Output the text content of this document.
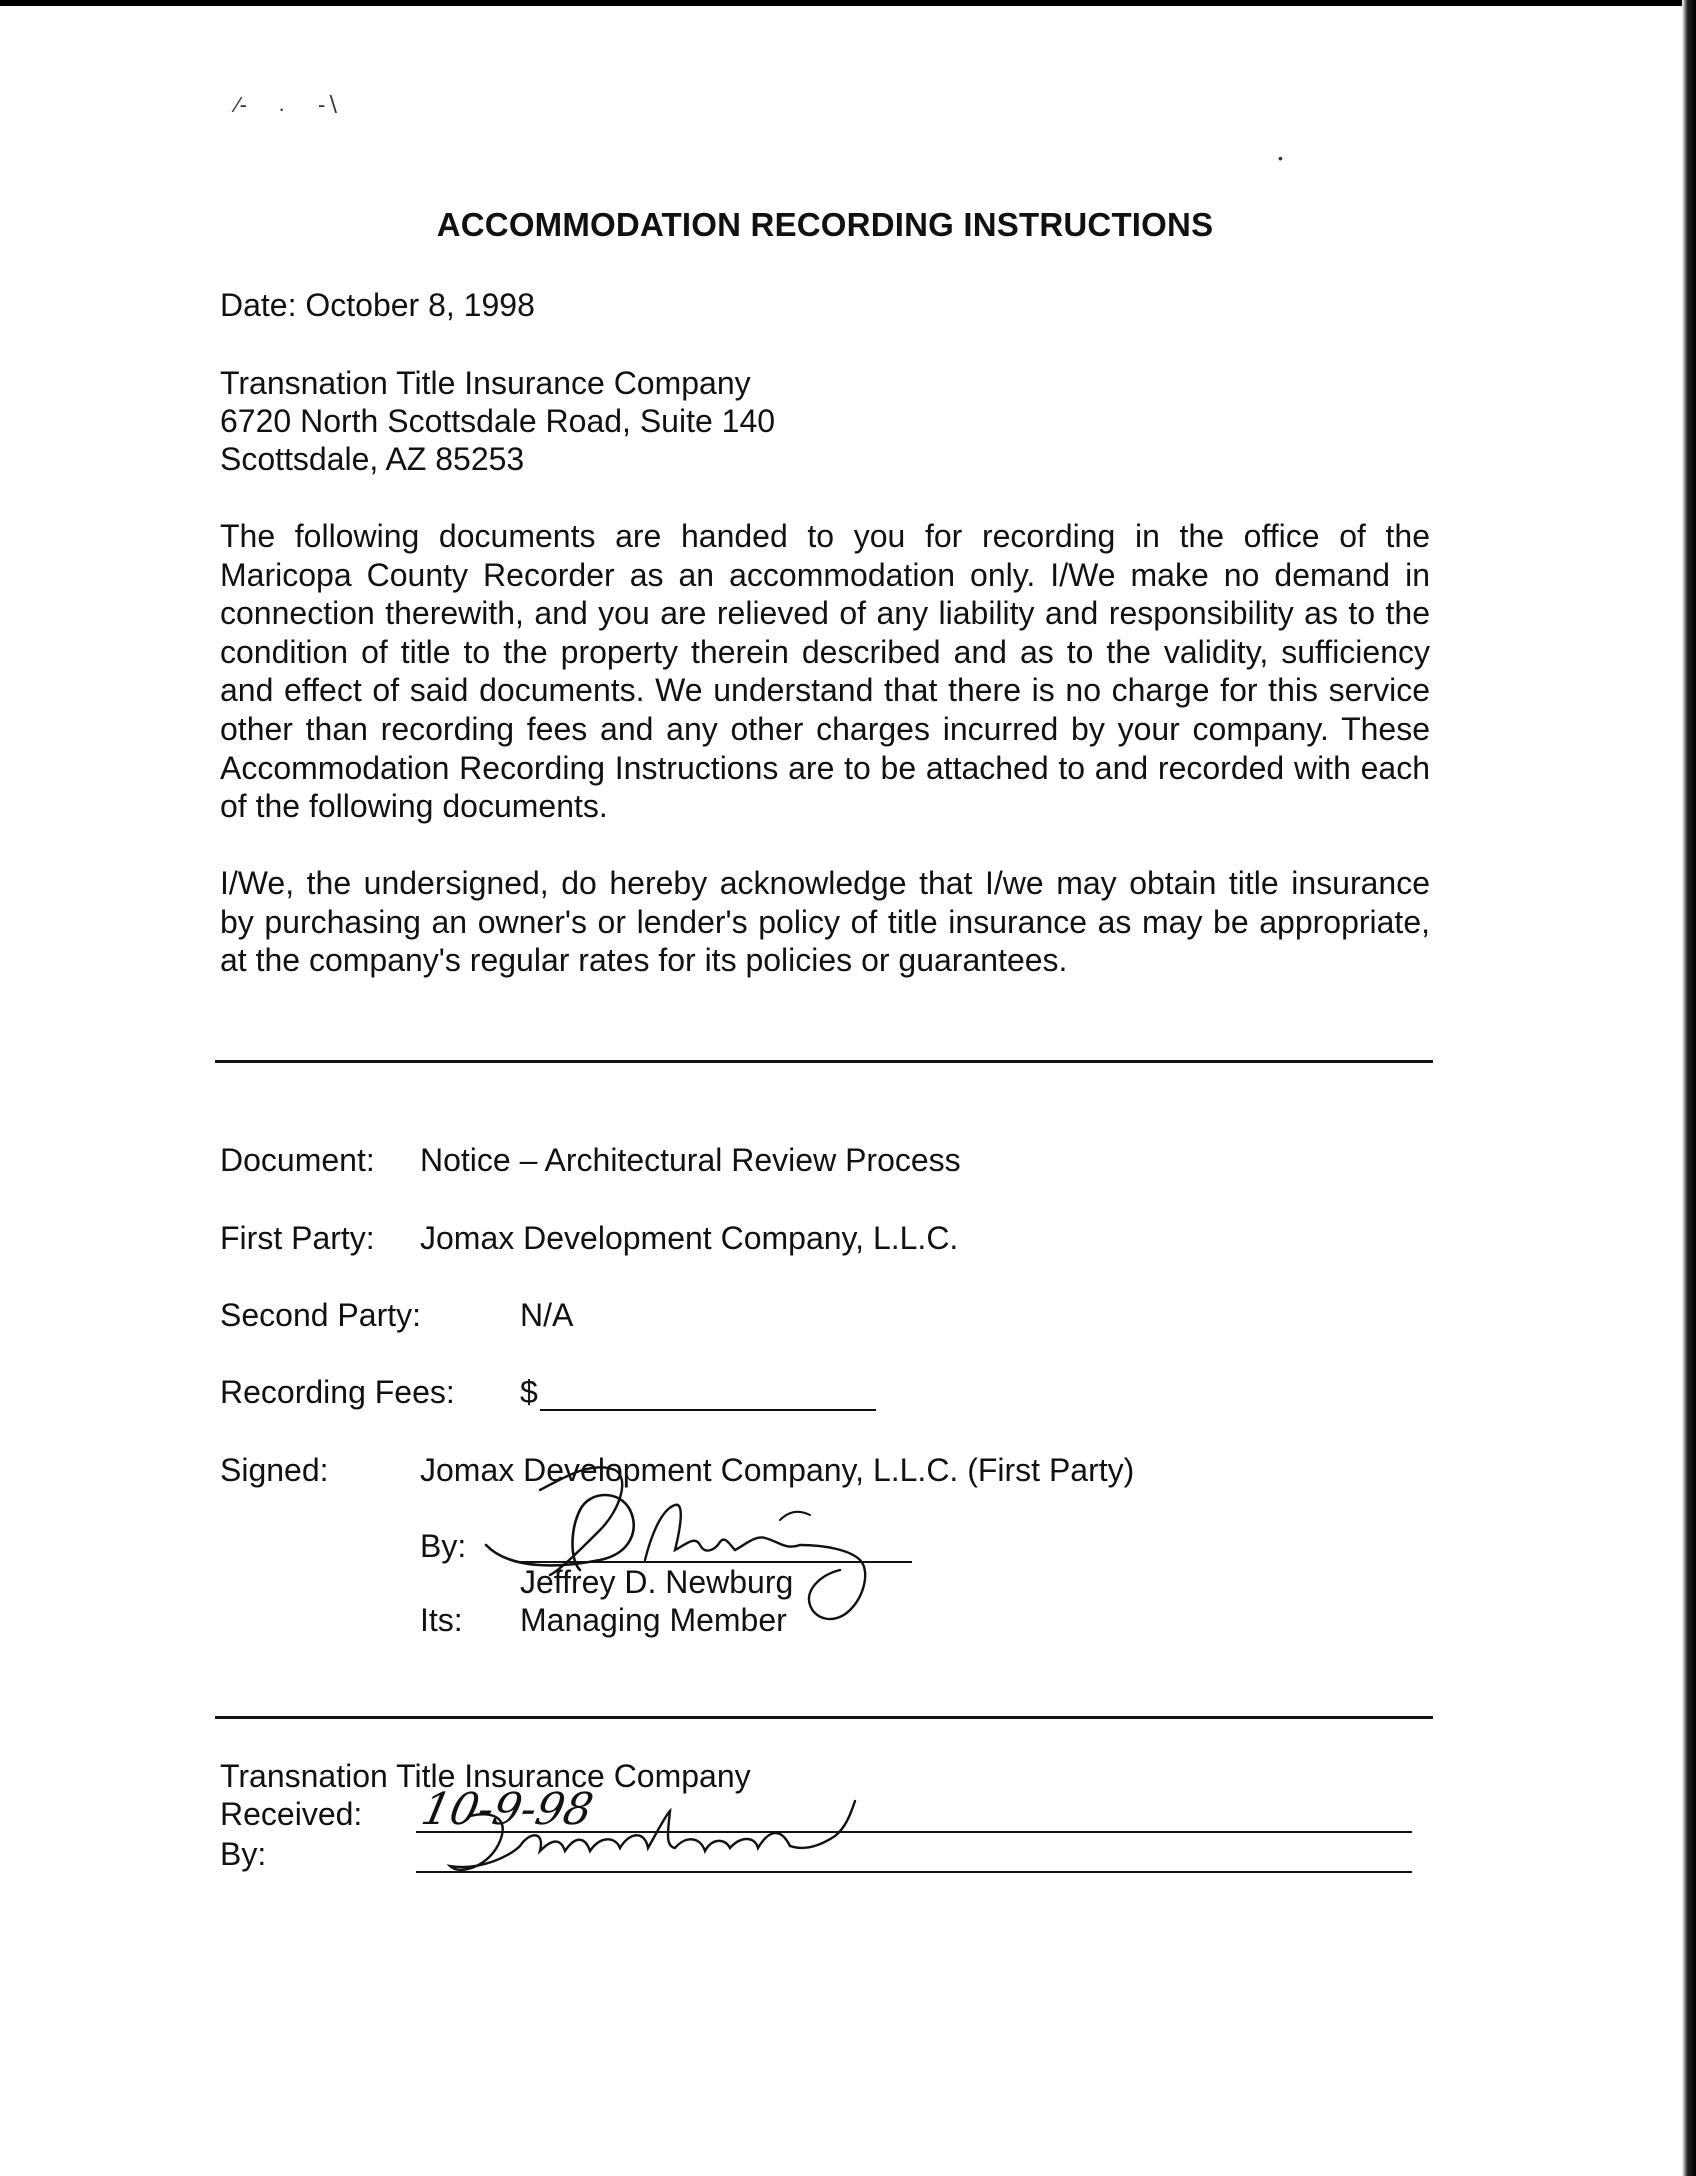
∕‐ · ‐∖
•
ACCOMMODATION RECORDING INSTRUCTIONS
Date: October 8, 1998
Transnation Title Insurance Company
6720 North Scottsdale Road, Suite 140
Scottsdale, AZ 85253
The following documents are handed to you for recording in the office of the Maricopa County Recorder as an accommodation only. I/We make no demand in connection therewith, and you are relieved of any liability and responsibility as to the condition of title to the property therein described and as to the validity, sufficiency and effect of said documents. We understand that there is no charge for this service other than recording fees and any other charges incurred by your company. These Accommodation Recording Instructions are to be attached to and recorded with each of the following documents.
I/We, the undersigned, do hereby acknowledge that I/we may obtain title insurance by purchasing an owner's or lender's policy of title insurance as may be appropriate, at the company's regular rates for its policies or guarantees.
Document: Notice – Architectural Review Process
First Party: Jomax Development Company, L.L.C.
Second Party:	N/A
Recording Fees: $
Signed:	Jomax Development Company, L.L.C. (First Party)
By:
Jeffrey D. Newburg
Its: Managing Member
Transnation Title Insurance Company
Received:
By:
10-9-98
